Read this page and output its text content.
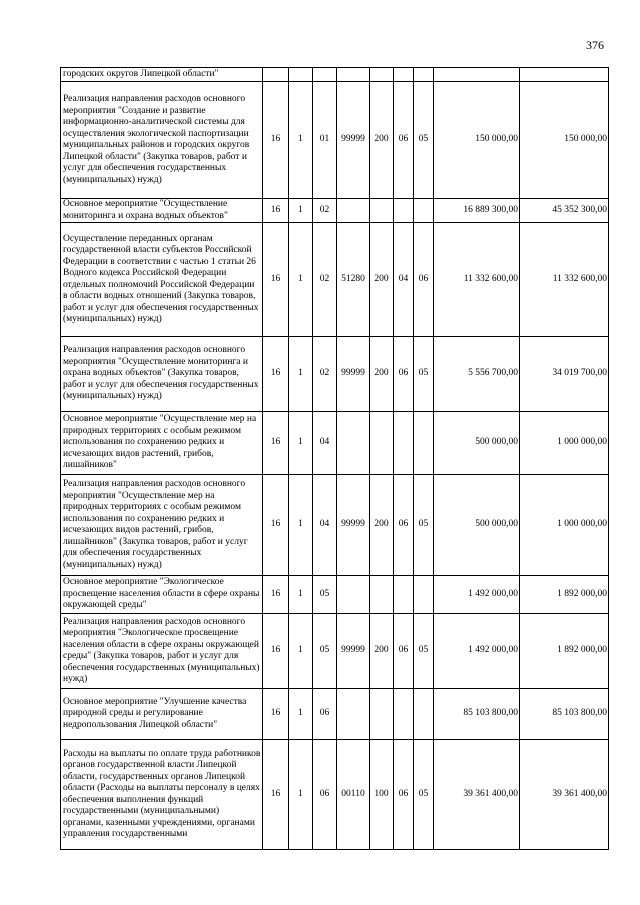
376
городских округов Липецкой области"									
Реализация направления расходов основного мероприятия "Создание и развитие информационно-аналитической системы для осуществления экологической паспортизации муниципальных районов и городских округов Липецкой области" (Закупка товаров, работ и услуг для обеспечения государственных (муниципальных) нужд)	16	1	01	99999	200	06	05	150 000,00	150 000,00
Основное мероприятие "Осуществление мониторинга и охрана водных объектов"	16	1	02					16 889 300,00	45 352 300,00
Осуществление переданных органам государственной власти субъектов Российской Федерации в соответствии с частью 1 статьи 26 Водного кодекса Российской Федерации отдельных полномочий Российской Федерации в области водных отношений (Закупка товаров, работ и услуг для обеспечения государственных (муниципальных) нужд)	16	1	02	51280	200	04	06	11 332 600,00	11 332 600,00
Реализация направления расходов основного мероприятия "Осуществление мониторинга и охрана водных объектов" (Закупка товаров, работ и услуг для обеспечения государственных (муниципальных) нужд)	16	1	02	99999	200	06	05	5 556 700,00	34 019 700,00
Основное мероприятие "Осуществление мер на природных территориях с особым режимом использования по сохранению редких и исчезающих видов растений, грибов, лишайников"	16	1	04					500 000,00	1 000 000,00
Реализация направления расходов основного мероприятия "Осуществление мер на природных территориях с особым режимом использования по сохранению редких и исчезающих видов растений, грибов, лишайников" (Закупка товаров, работ и услуг для обеспечения государственных (муниципальных) нужд)	16	1	04	99999	200	06	05	500 000,00	1 000 000,00
Основное мероприятие "Экологическое просвещение населения области в сфере охраны окружающей среды"	16	1	05					1 492 000,00	1 892 000,00
Реализация направления расходов основного мероприятия "Экологическое просвещение населения области в сфере охраны окружающей среды" (Закупка товаров, работ и услуг для обеспечения государственных (муниципальных) нужд)	16	1	05	99999	200	06	05	1 492 000,00	1 892 000,00
Основное мероприятие "Улучшение качества природной среды и регулирование недропользования Липецкой области"	16	1	06					85 103 800,00	85 103 800,00
Расходы на выплаты по оплате труда работников органов государственной власти Липецкой области, государственных органов Липецкой области (Расходы на выплаты персоналу в целях обеспечения выполнения функций государственными (муниципальными) органами, казенными учреждениями, органами управления государственными	16	1	06	00110	100	06	05	39 361 400,00	39 361 400,00
